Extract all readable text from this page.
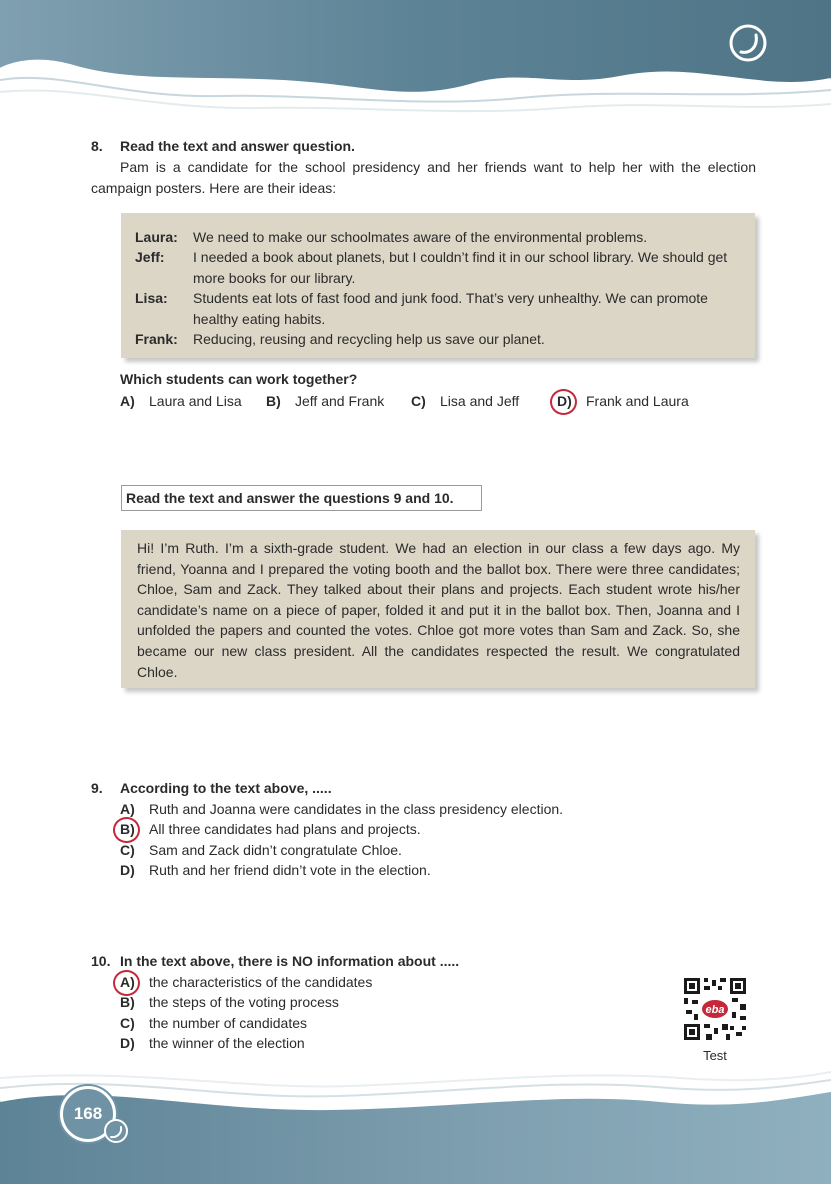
8. Read the text and answer question.
Pam is a candidate for the school presidency and her friends want to help her with the election campaign posters. Here are their ideas:
Laura: We need to make our schoolmates aware of the environmental problems.
Jeff: I needed a book about planets, but I couldn’t find it in our school library. We should get more books for our library.
Lisa: Students eat lots of fast food and junk food. That’s very unhealthy. We can promote healthy eating habits.
Frank: Reducing, reusing and recycling help us save our planet.
Which students can work together?
A) Laura and Lisa B) Jeff and Frank C) Lisa and Jeff	D) Frank and Laura
Read the text and answer the questions 9 and 10.
Hi! I’m Ruth. I’m a sixth-grade student. We had an election in our class a few days ago. My friend, Yoanna and I prepared the voting booth and the ballot box. There were three candidates; Chloe, Sam and Zack. They talked about their plans and projects. Each student wrote his/her candidate’s name on a piece of paper, folded it and put it in the ballot box. Then, Joanna and I unfolded the papers and counted the votes. Chloe got more votes than Sam and Zack. So, she became our new class president. All the candidates respected the result. We congratulated Chloe.
9. According to the text above, .....
A) Ruth and Joanna were candidates in the class presidency election.
B) All three candidates had plans and projects.
C) Sam and Zack didn’t congratulate Chloe.
D) Ruth and her friend didn’t vote in the election.
10. In the text above, there is NO information about .....
A) the characteristics of the candidates
B) the steps of the voting process
C) the number of candidates
D) the winner of the election
eba
Test
168
